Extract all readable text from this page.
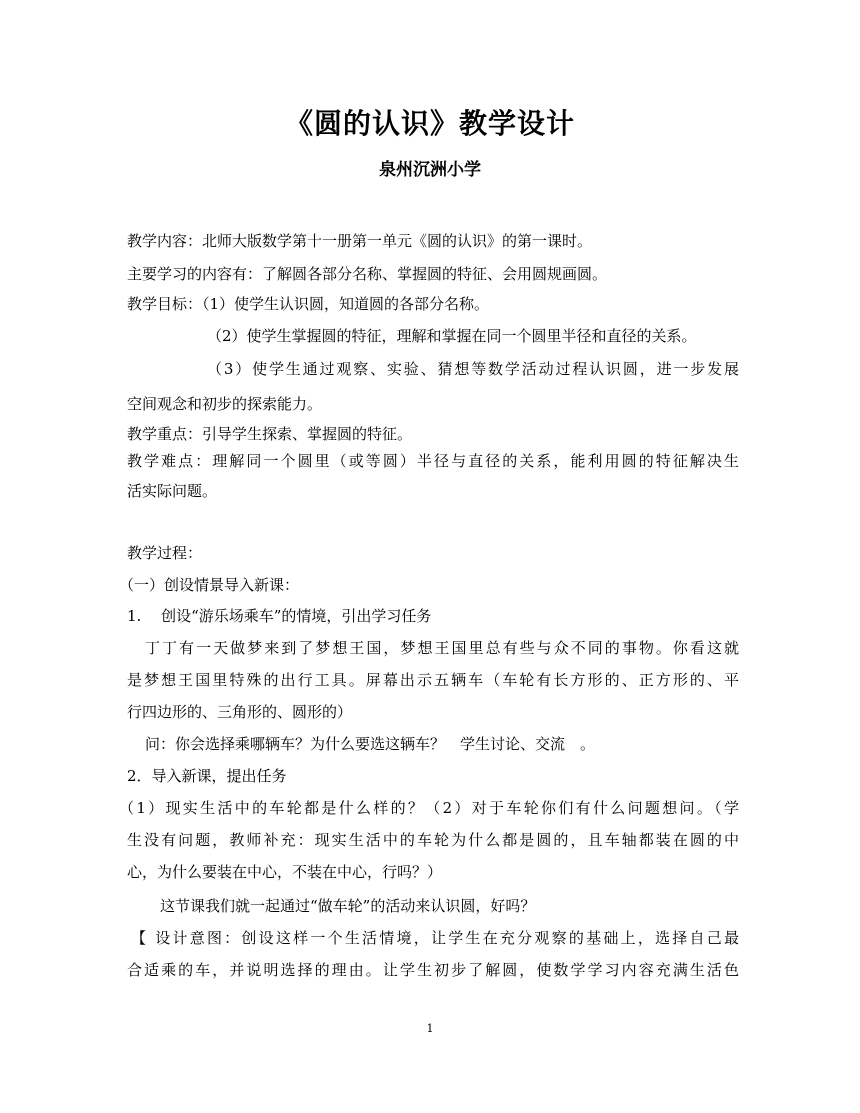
《圆的认识》教学设计
泉州沉洲小学
教学内容：北师大版数学第十一册第一单元《圆的认识》的第一课时。
主要学习的内容有：了解圆各部分名称、掌握圆的特征、会用圆规画圆。
教学目标：（1）使学生认识圆，知道圆的各部分名称。
（2）使学生掌握圆的特征，理解和掌握在同一个圆里半径和直径的关系。
（3）使学生通过观察、实验、猜想等数学活动过程认识圆，进一步发展
空间观念和初步的探索能力。
教学重点：引导学生探索、掌握圆的特征。
教学难点：理解同一个圆里（或等圆）半径与直径的关系，能利用圆的特征解决生
活实际问题。
教学过程：
（一）创设情景导入新课：
1.　 创设“游乐场乘车”的情境，引出学习任务
丁丁有一天做梦来到了梦想王国，梦想王国里总有些与众不同的事物。你看这就
是梦想王国里特殊的出行工具。屏幕出示五辆车（车轮有长方形的、正方形的、平
行四边形的、三角形的、圆形的）
问：你会选择乘哪辆车？为什么要选这辆车？　学生讨论、交流　。
2．导入新课，提出任务
（1）现实生活中的车轮都是什么样的？（2）对于车轮你们有什么问题想问。（学
生没有问题，教师补充：现实生活中的车轮为什么都是圆的，且车轴都装在圆的中
心，为什么要装在中心，不装在中心，行吗？）
这节课我们就一起通过“做车轮”的活动来认识圆，好吗？
【 设计意图：创设这样一个生活情境，让学生在充分观察的基础上，选择自己最
合适乘的车，并说明选择的理由。让学生初步了解圆，使数学学习内容充满生活色
1
